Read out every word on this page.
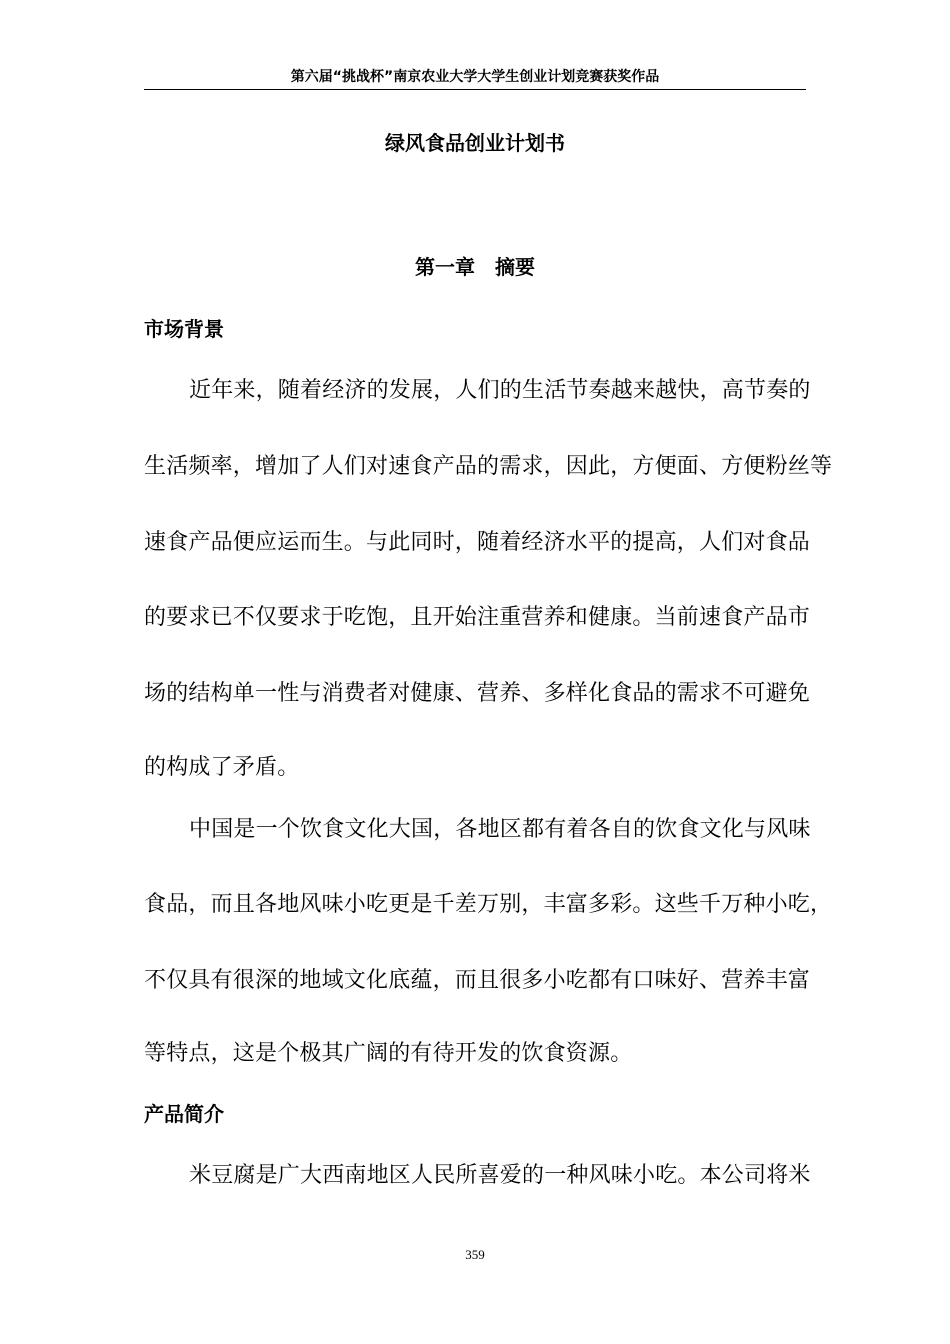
第六届“挑战杯”南京农业大学大学生创业计划竞赛获奖作品
绿风食品创业计划书
第一章　摘要
市场背景
近年来，随着经济的发展，人们的生活节奏越来越快，高节奏的
生活频率，增加了人们对速食产品的需求，因此，方便面、方便粉丝等
速食产品便应运而生。与此同时，随着经济水平的提高，人们对食品
的要求已不仅要求于吃饱，且开始注重营养和健康。当前速食产品市
场的结构单一性与消费者对健康、营养、多样化食品的需求不可避免
的构成了矛盾。
中国是一个饮食文化大国，各地区都有着各自的饮食文化与风味
食品，而且各地风味小吃更是千差万别，丰富多彩。这些千万种小吃，
不仅具有很深的地域文化底蕴，而且很多小吃都有口味好、营养丰富
等特点，这是个极其广阔的有待开发的饮食资源。
产品简介
米豆腐是广大西南地区人民所喜爱的一种风味小吃。本公司将米
359
